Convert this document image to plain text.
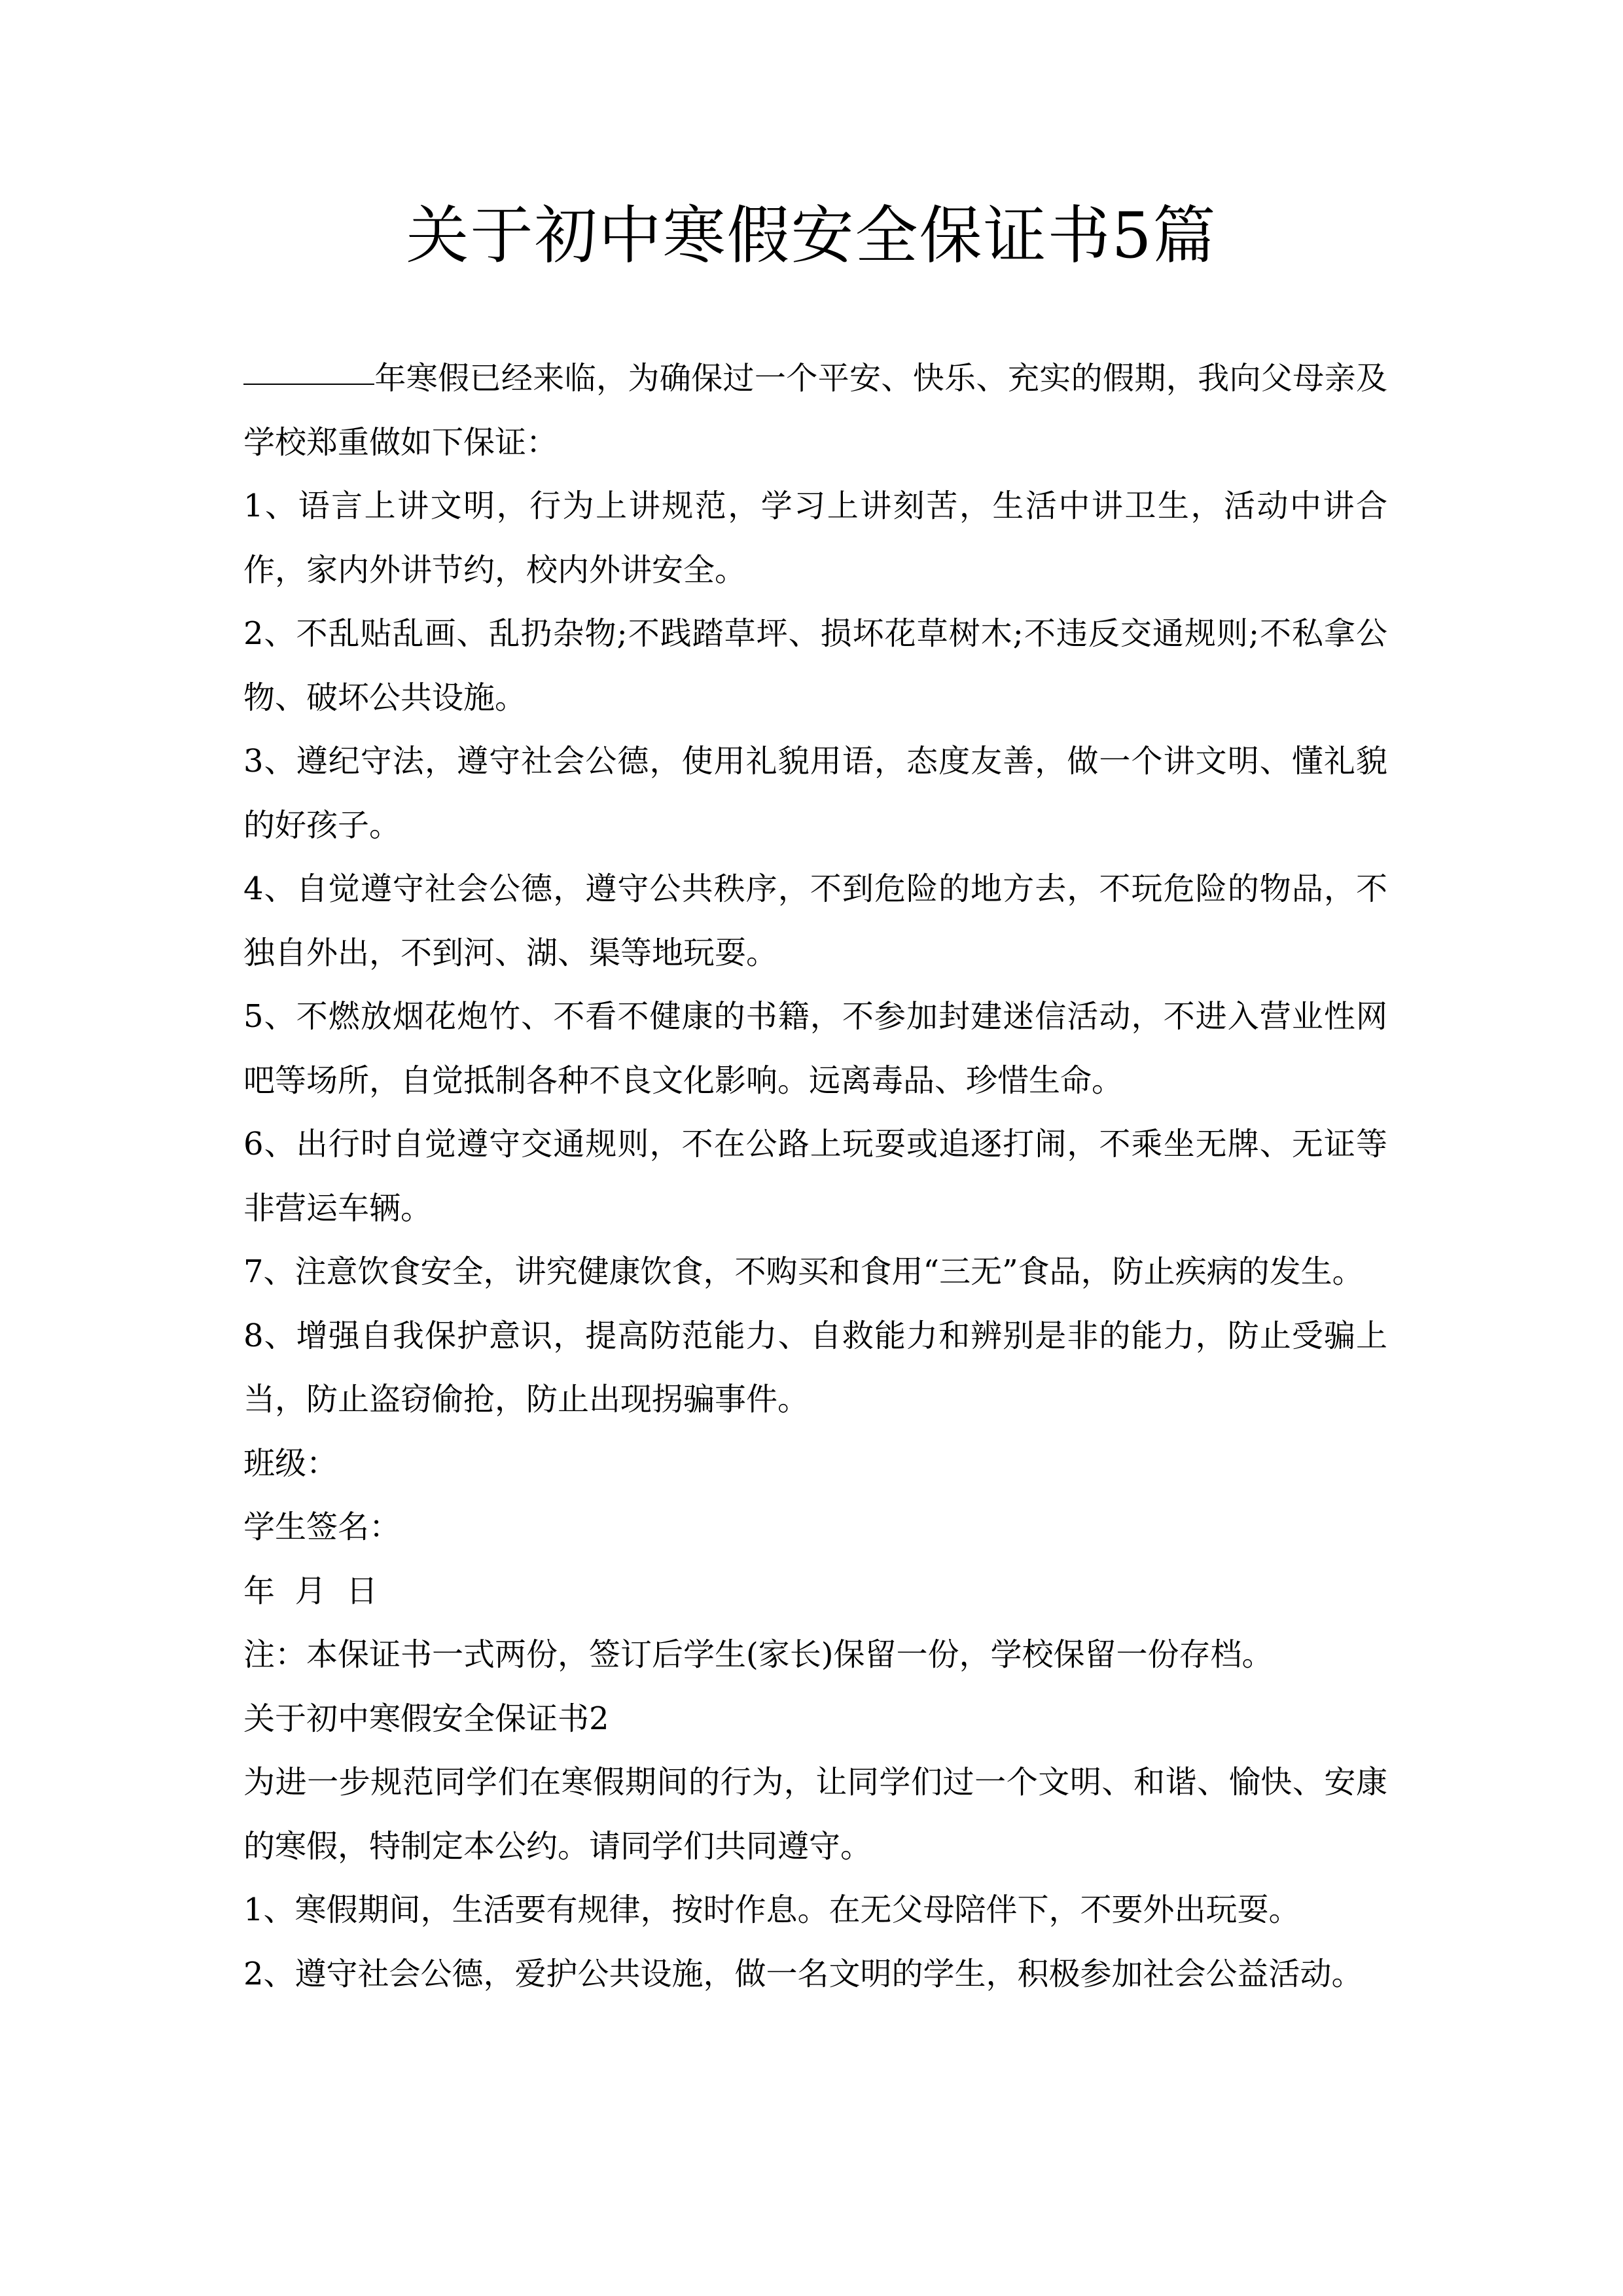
关于初中寒假安全保证书5篇

年寒假已经来临，为确保过一个平安、快乐、充实的假期，我向父母亲及学校郑重做如下保证：

1、语言上讲文明，行为上讲规范，学习上讲刻苦，生活中讲卫生，活动中讲合作，家内外讲节约，校内外讲安全。

2、不乱贴乱画、乱扔杂物;不践踏草坪、损坏花草树木;不违反交通规则;不私拿公物、破坏公共设施。

3、遵纪守法，遵守社会公德，使用礼貌用语，态度友善，做一个讲文明、懂礼貌的好孩子。

4、自觉遵守社会公德，遵守公共秩序，不到危险的地方去，不玩危险的物品，不独自外出，不到河、湖、渠等地玩耍。

5、不燃放烟花炮竹、不看不健康的书籍，不参加封建迷信活动，不进入营业性网吧等场所，自觉抵制各种不良文化影响。远离毒品、珍惜生命。

6、出行时自觉遵守交通规则，不在公路上玩耍或追逐打闹，不乘坐无牌、无证等非营运车辆。

7、注意饮食安全，讲究健康饮食，不购买和食用“三无”食品，防止疾病的发生。

8、增强自我保护意识，提高防范能力、自救能力和辨别是非的能力，防止受骗上当，防止盗窃偷抢，防止出现拐骗事件。

班级：

学生签名：

年  月  日

注：本保证书一式两份，签订后学生(家长)保留一份，学校保留一份存档。

关于初中寒假安全保证书2

为进一步规范同学们在寒假期间的行为，让同学们过一个文明、和谐、愉快、安康的寒假，特制定本公约。请同学们共同遵守。

1、寒假期间，生活要有规律，按时作息。在无父母陪伴下，不要外出玩耍。

2、遵守社会公德，爱护公共设施，做一名文明的学生，积极参加社会公益活动。
